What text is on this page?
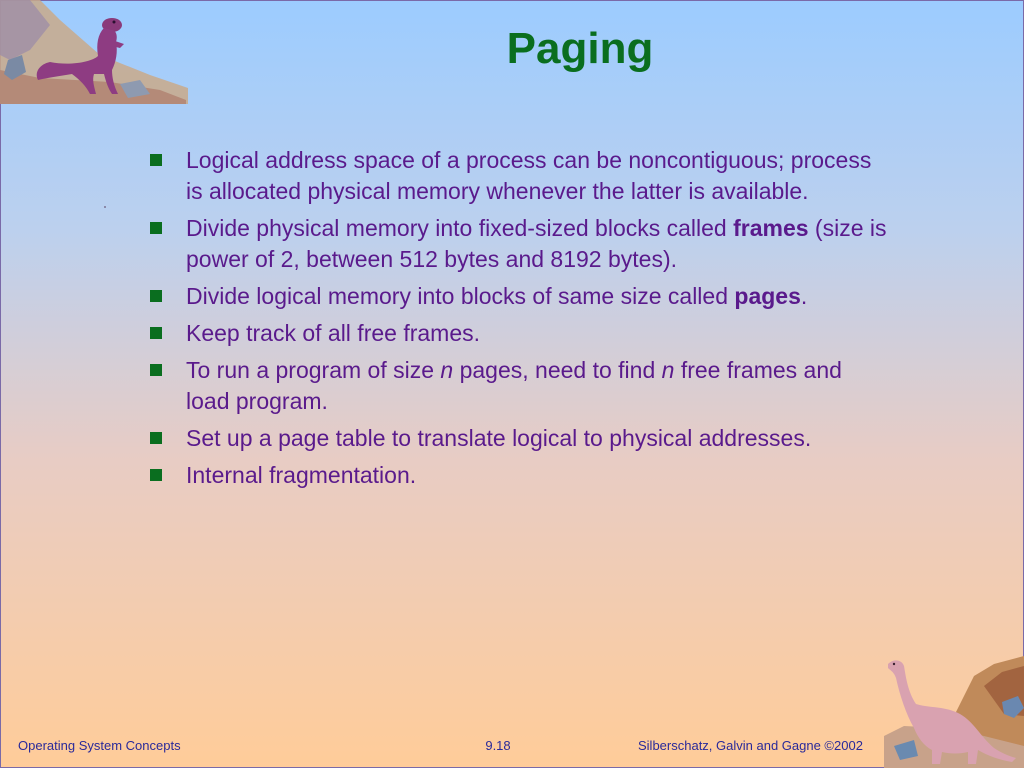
Paging
Logical address space of a process can be noncontiguous; process is allocated physical memory whenever the latter is available.
Divide physical memory into fixed-sized blocks called frames (size is power of 2, between 512 bytes and 8192 bytes).
Divide logical memory into blocks of same size called pages.
Keep track of all free frames.
To run a program of size n pages, need to find n free frames and load program.
Set up a page table to translate logical to physical addresses.
Internal fragmentation.
Operating System Concepts	9.18	Silberschatz, Galvin and Gagne ©2002
